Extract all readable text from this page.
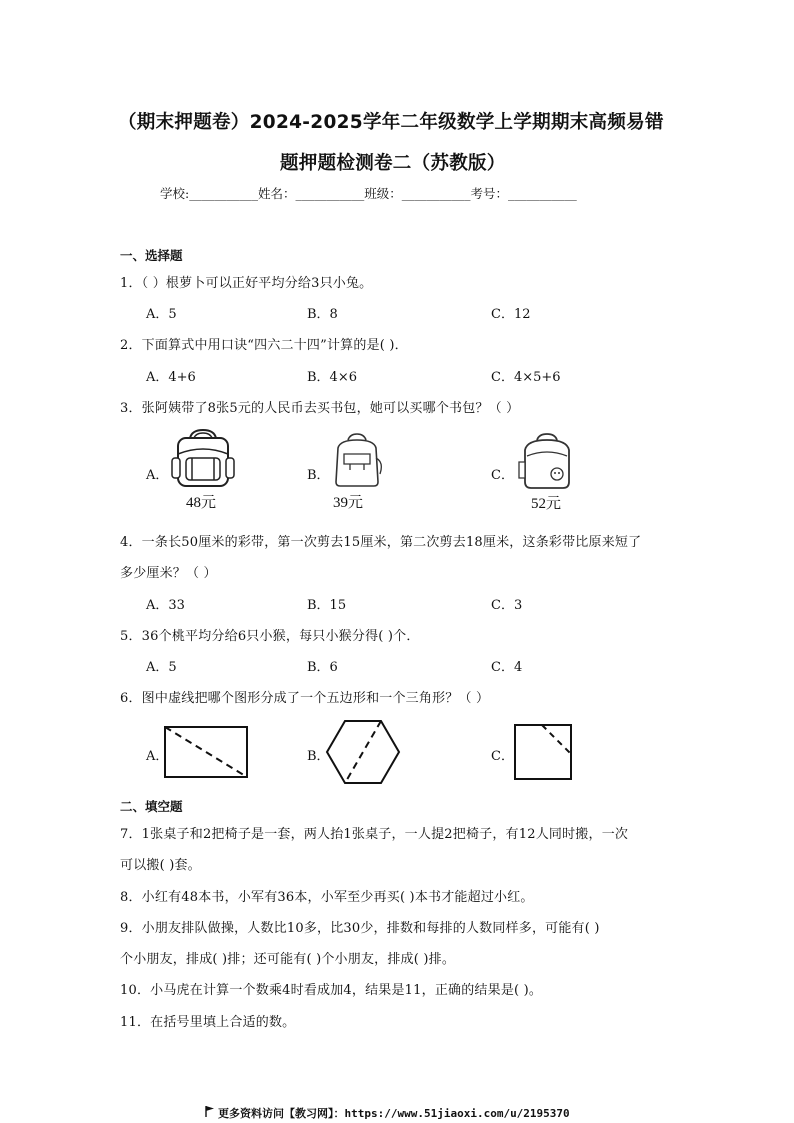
（期末押题卷）2024-2025学年二年级数学上学期期末高频易错
题押题检测卷二（苏教版）
学校:___________姓名：___________班级：___________考号：___________
一、选择题
1．（ ）根萝卜可以正好平均分给3只小兔。
A．5	B．8	C．12
2．下面算式中用口诀“四六二十四”计算的是( )．
A．4+6	B．4×6	C．4×5+6
3．张阿姨带了8张5元的人民币去买书包，她可以买哪个书包？（ ）
A．	B．	C．
48元	39元	52元
4．一条长50厘米的彩带，第一次剪去15厘米，第二次剪去18厘米，这条彩带比原来短了
多少厘米？（ ）
A．33	B．15	C．3
5．36个桃平均分给6只小猴，每只小猴分得( )个．
A．5	B．6	C．4
6．图中虚线把哪个图形分成了一个五边形和一个三角形？（ ）
A．	B．	C．
二、填空题
7．1张桌子和2把椅子是一套，两人抬1张桌子，一人提2把椅子，有12人同时搬，一次
可以搬( )套。
8．小红有48本书，小军有36本，小军至少再买( )本书才能超过小红。
9．小朋友排队做操，人数比10多，比30少，排数和每排的人数同样多，可能有( )
个小朋友，排成( )排；还可能有( )个小朋友，排成( )排。
10．小马虎在计算一个数乘4时看成加4，结果是11，正确的结果是( )。
11．在括号里填上合适的数。
更多资料访问【教习网】：https://www.51jiaoxi.com/u/2195370
